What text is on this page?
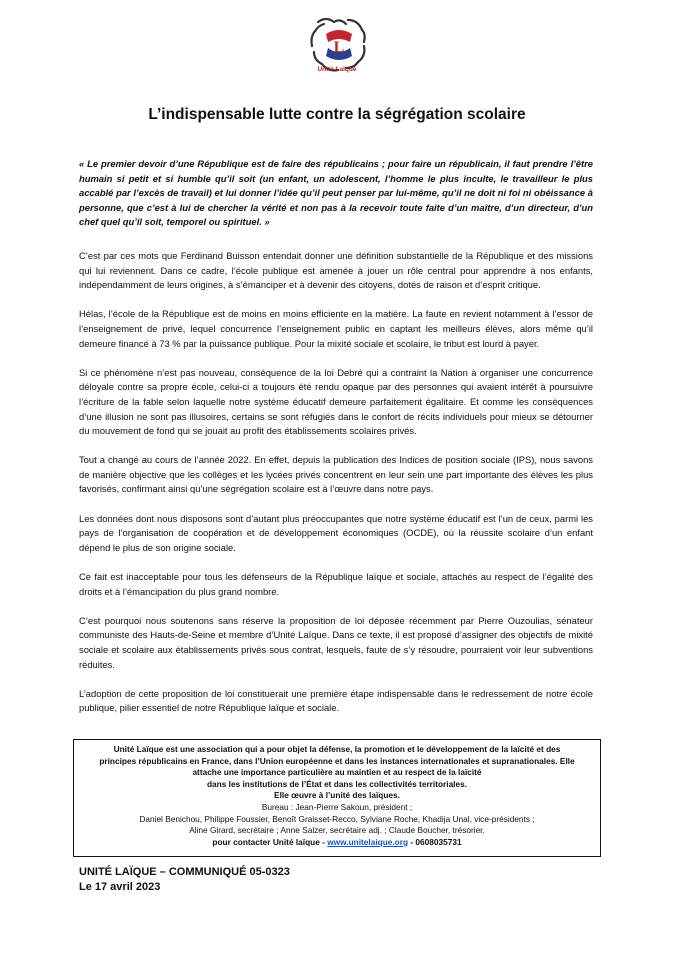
L
Unité Laïque
L’indispensable lutte contre la ségrégation scolaire

« Le premier devoir d’une République est de faire des républicains ; pour faire un républicain, il faut prendre l’être humain si petit et si humble qu’il soit (un enfant, un adolescent, l’homme le plus inculte, le travailleur le plus accablé par l’excès de travail) et lui donner l’idée qu’il peut penser par lui-même, qu’il ne doit ni foi ni obéissance à personne, que c’est à lui de chercher la vérité et non pas à la recevoir toute faite d’un maître, d’un directeur, d’un chef quel qu’il soit, temporel ou spirituel. »

C’est par ces mots que Ferdinand Buisson entendait donner une définition substantielle de la République et des missions qui lui reviennent. Dans ce cadre, l’école publique est amenée à jouer un rôle central pour apprendre à nos enfants, indépendamment de leurs origines, à s’émanciper et à devenir des citoyens, dotés de raison et d’esprit critique.

Hélas, l’école de la République est de moins en moins efficiente en la matière. La faute en revient notamment à l’essor de l’enseignement de privé, lequel concurrence l’enseignement public en captant les meilleurs élèves, alors même qu’il demeure financé à 73 % par la puissance publique. Pour la mixité sociale et scolaire, le tribut est lourd à payer.

Si ce phénomène n’est pas nouveau, conséquence de la loi Debré qui a contraint la Nation à organiser une concurrence déloyale contre sa propre école, celui-ci a toujours été rendu opaque par des personnes qui avaient intérêt à poursuivre l’écriture de la fable selon laquelle notre système éducatif demeure parfaitement égalitaire. Et comme les conséquences d’une illusion ne sont pas illusoires, certains se sont réfugiés dans le confort de récits individuels pour mieux se détourner du mouvement de fond qui se jouait au profit des établissements scolaires privés.

Tout a changé au cours de l’année 2022. En effet, depuis la publication des Indices de position sociale (IPS), nous savons de manière objective que les collèges et les lycées privés concentrent en leur sein une part importante des élèves les plus favorisés, confirmant ainsi qu’une ségrégation scolaire est à l’œuvre dans notre pays.

Les données dont nous disposons sont d’autant plus préoccupantes que notre système éducatif est l’un de ceux, parmi les pays de l’organisation de coopération et de développement économiques (OCDE), où la réussite scolaire d’un enfant dépend le plus de son origine sociale.

Ce fait est inacceptable pour tous les défenseurs de la République laïque et sociale, attachés au respect de l’égalité des droits et à l’émancipation du plus grand nombre.

C’est pourquoi nous soutenons sans réserve la proposition de loi déposée récemment par Pierre Ouzoulias, sénateur communiste des Hauts-de-Seine et membre d’Unité Laïque. Dans ce texte, il est proposé d’assigner des objectifs de mixité sociale et scolaire aux établissements privés sous contrat, lesquels, faute de s’y résoudre, pourraient voir leur subventions réduites.

L’adoption de cette proposition de loi constituerait une première étape indispensable dans le redressement de notre école publique, pilier essentiel de notre République laïque et sociale.

Unité Laïque est une association qui a pour objet la défense, la promotion et le développement de la laïcité et des
principes républicains en France, dans l’Union européenne et dans les instances internationales et supranationales. Elle
attache une importance particulière au maintien et au respect de la laïcité
dans les institutions de l’État et dans les collectivités territoriales.
Elle œuvre à l’unité des laïques.
Bureau : Jean-Pierre Sakoun, président ;
Daniel Benichou, Philippe Foussier, Benoît Graisset-Recco, Sylviane Roche, Khadija Unal, vice-présidents ;
Aline Girard, secrétaire ; Anne Salzer, secrétaire adj. ; Claude Boucher, trésorier.
pour contacter Unité laïque - www.unitelaique.org - 0608035731
UNITÉ LAÏQUE – COMMUNIQUÉ 05-0323
Le 17 avril 2023
